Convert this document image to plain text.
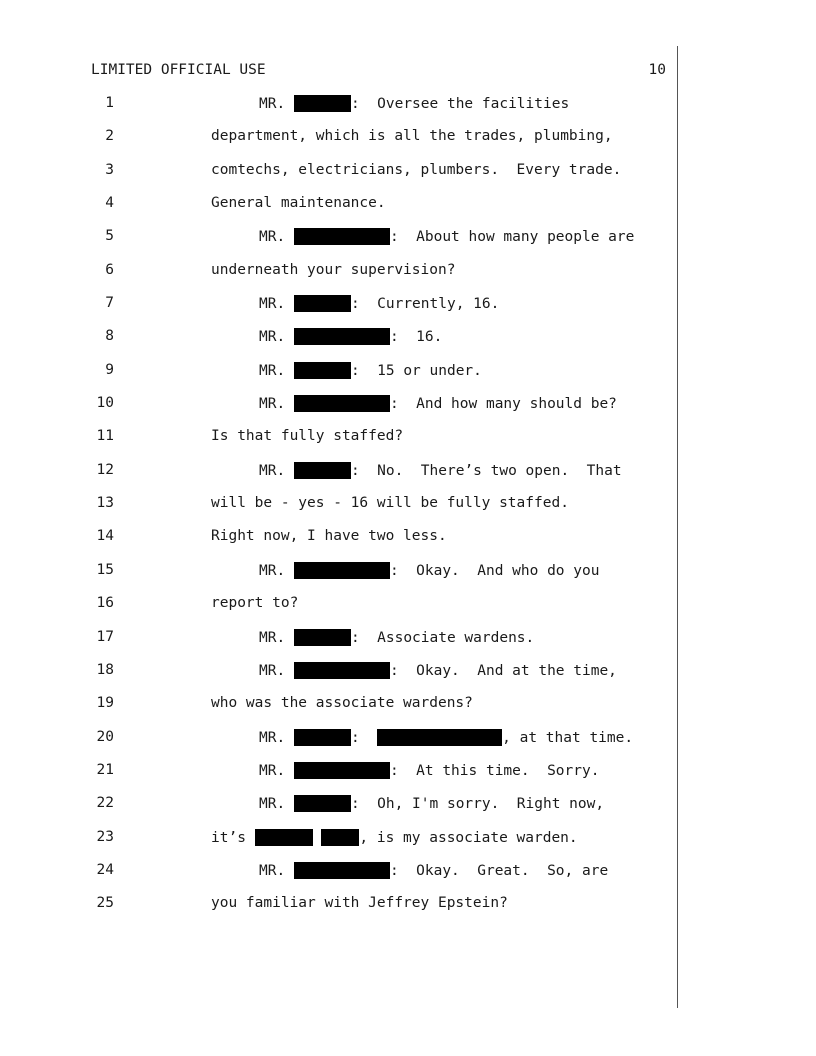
LIMITED OFFICIAL USE	10
1	MR.	:  Oversee the facilities
2	department, which is all the trades, plumbing,
3	comtechs, electricians, plumbers.  Every trade.
4	General maintenance.
5	MR.	:  About how many people are
6	underneath your supervision?
7	MR.	:  Currently, 16.
8	MR.	:  16.
9	MR.	:  15 or under.
10	MR.	:  And how many should be?
11	Is that fully staffed?
12	MR.	:  No.  There’s two open.  That
13	will be - yes - 16 will be fully staffed.
14	Right now, I have two less.
15	MR.	:  Okay.  And who do you
16	report to?
17	MR.	:  Associate wardens.
18	MR.	:  Okay.  And at the time,
19	who was the associate wardens?
20	MR.	:	, at that time.
21	MR.	:  At this time.  Sorry.
22	MR.	:  Oh, I'm sorry.  Right now,
23	it’s	, is my associate warden.
24	MR.	:  Okay.  Great.  So, are
25	you familiar with Jeffrey Epstein?
